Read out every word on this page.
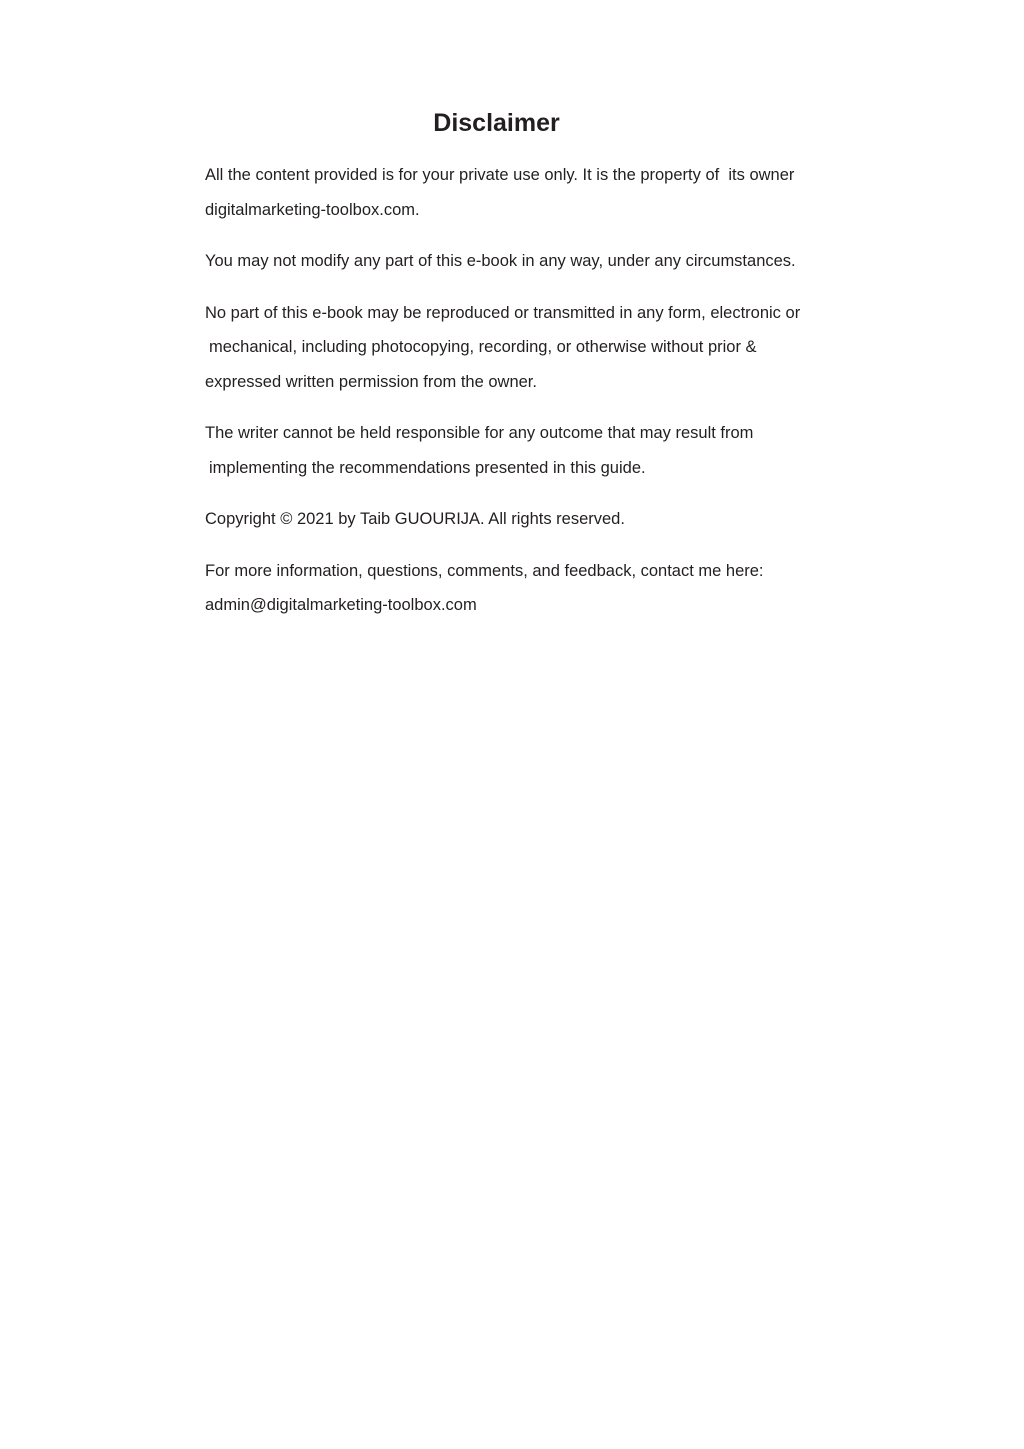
Disclaimer

All the content provided is for your private use only. It is the property of  its owner
digitalmarketing-toolbox.com.

You may not modify any part of this e-book in any way, under any circumstances.

No part of this e-book may be reproduced or transmitted in any form, electronic or
mechanical, including photocopying, recording, or otherwise without prior &
expressed written permission from the owner.

The writer cannot be held responsible for any outcome that may result from
implementing the recommendations presented in this guide.

Copyright © 2021 by Taib GUOURIJA. All rights reserved.

For more information, questions, comments, and feedback, contact me here:
admin@digitalmarketing-toolbox.com
